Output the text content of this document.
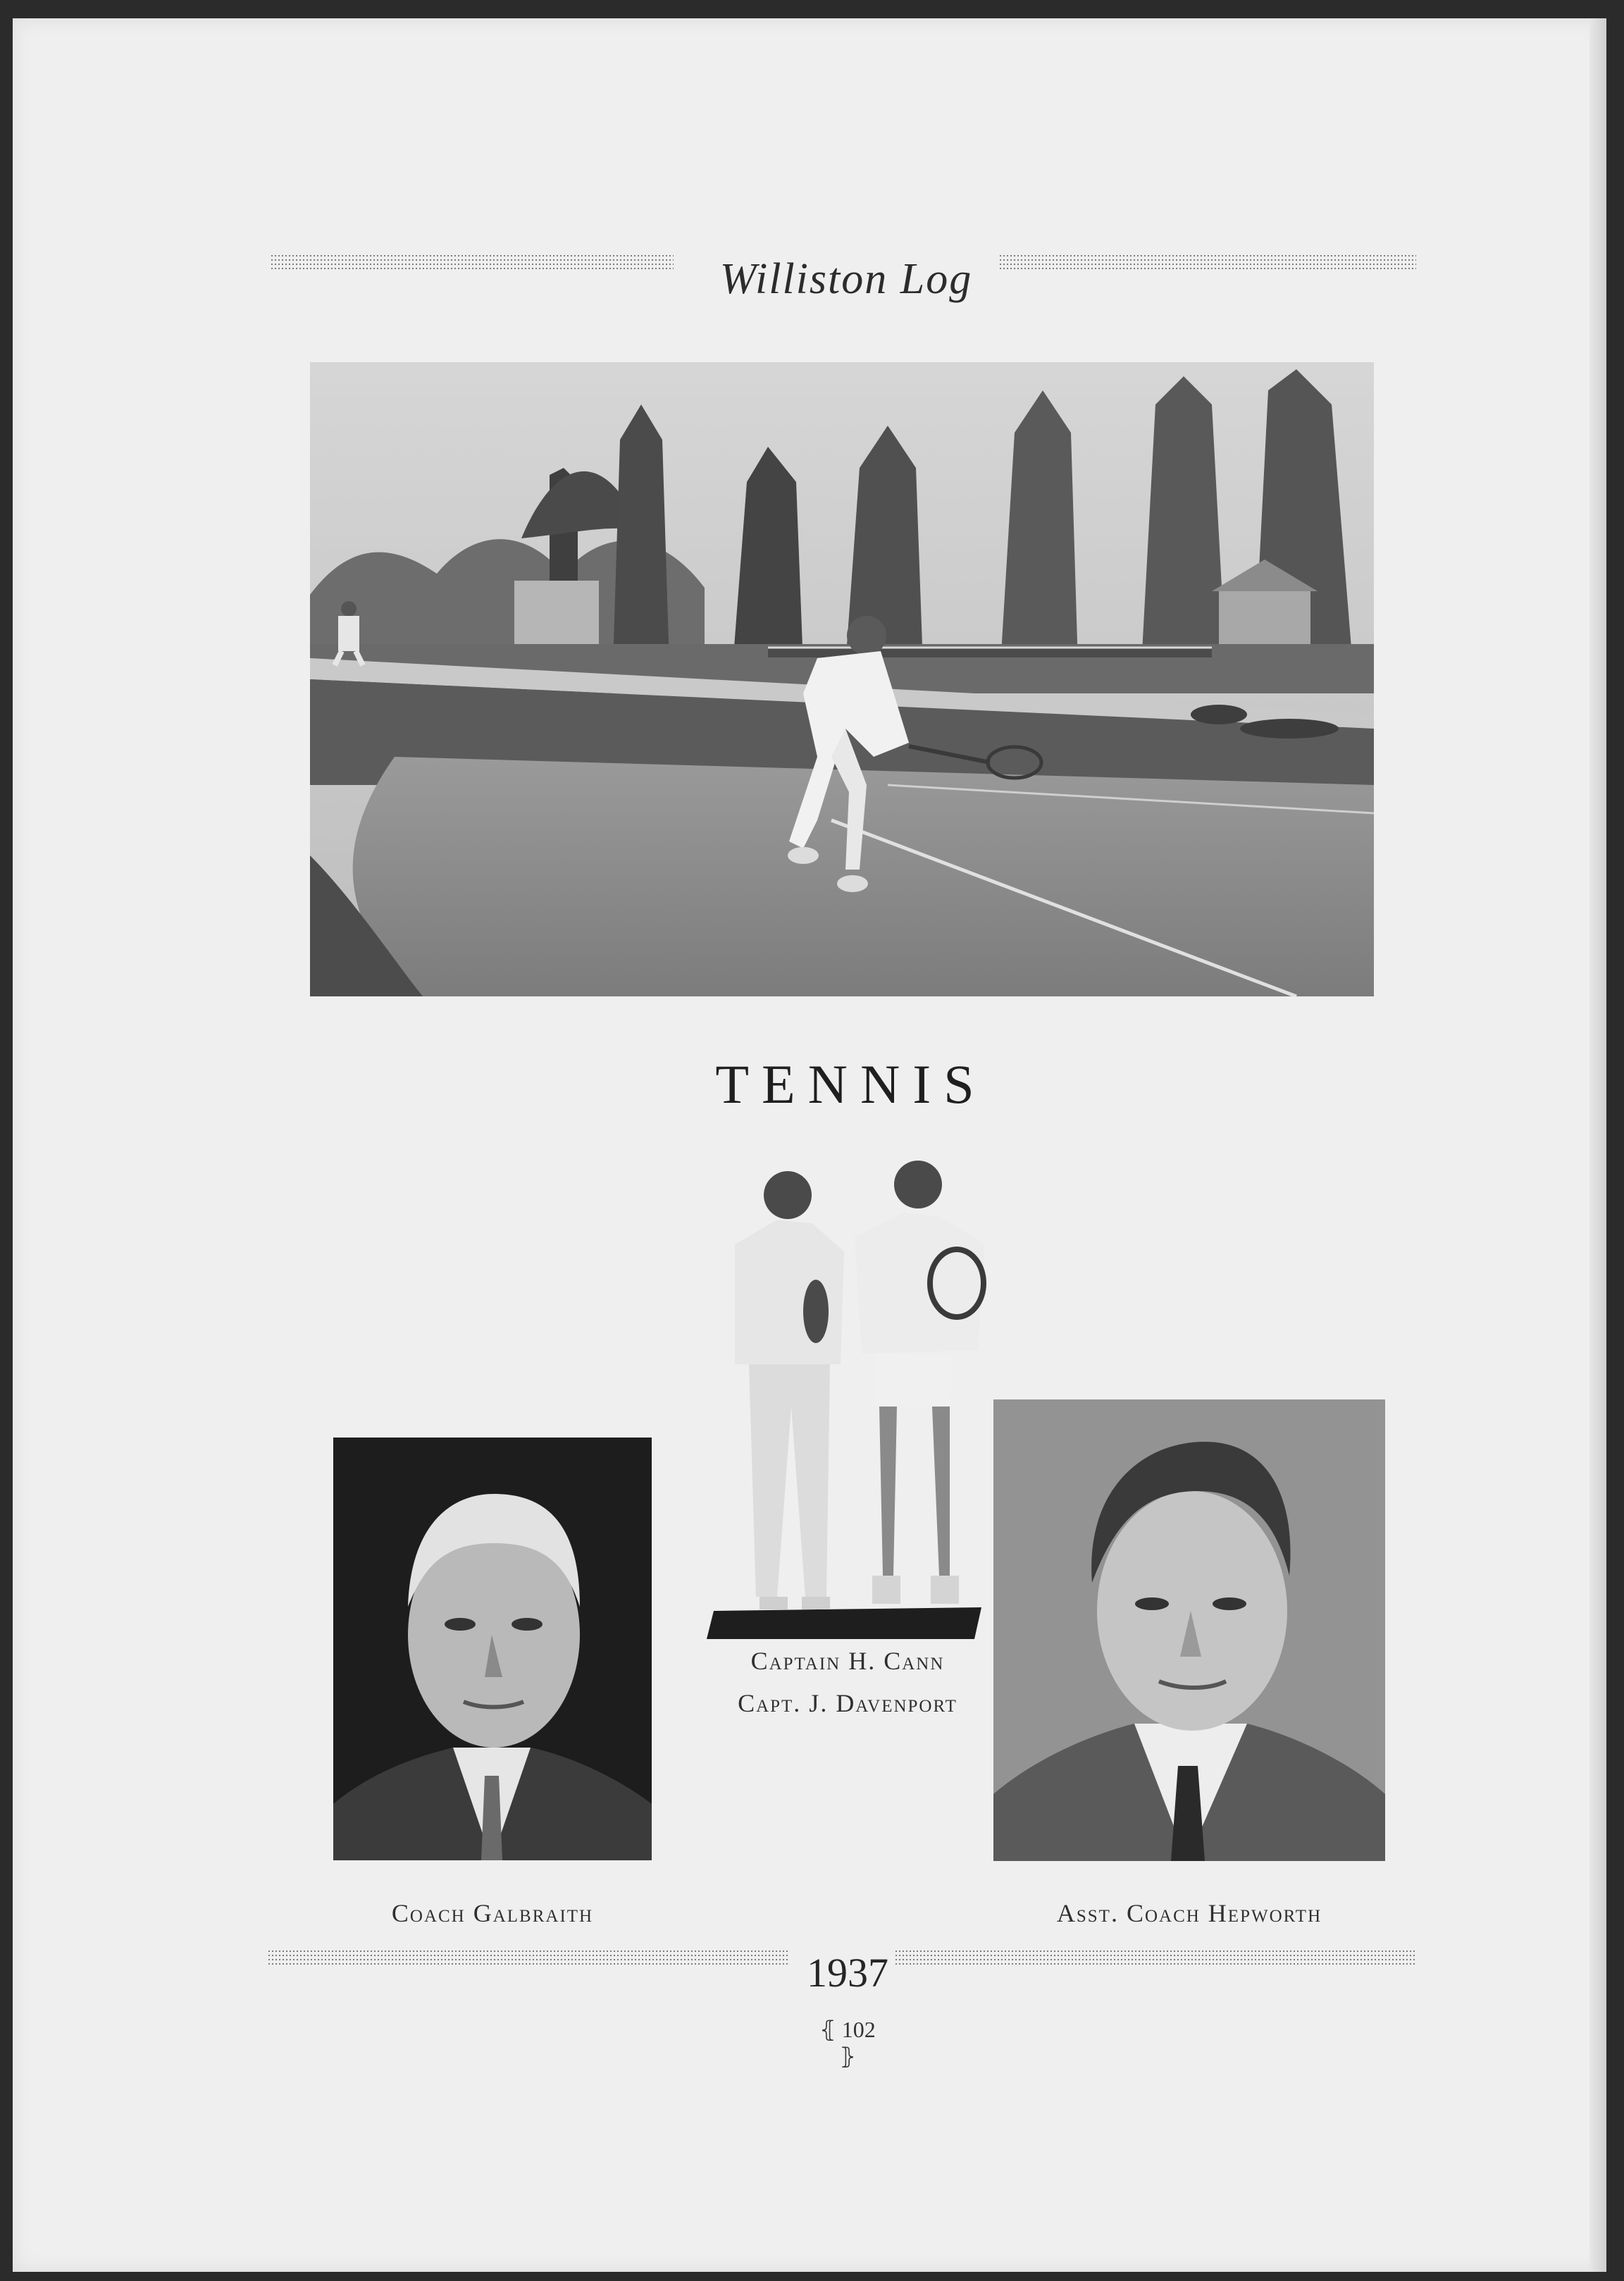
Williston Log
TENNIS
Captain H. Cann
Capt. J. Davenport
Coach Galbraith	Asst. Coach Hepworth
1937
⦃ 102 ⦄
